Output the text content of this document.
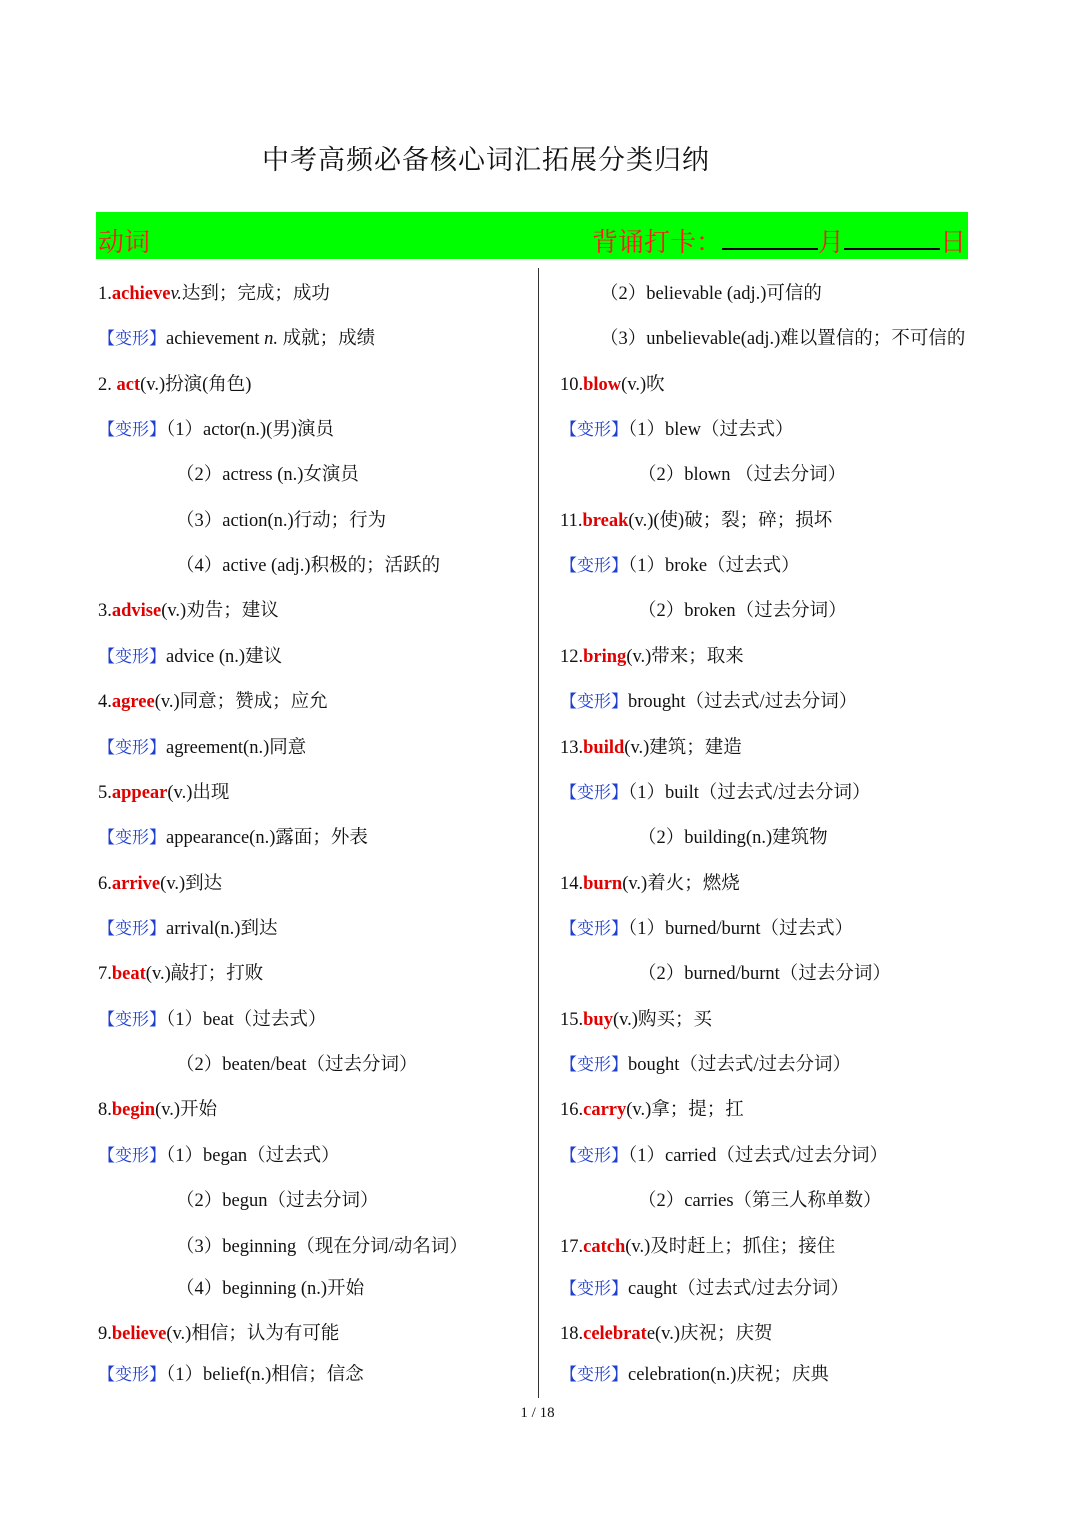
中考高频必备核心词汇拓展分类归纳
动词	背诵打卡：	月	日
1.achievev.达到；完成；成功
【变形】achievement n. 成就；成绩
2. act(v.)扮演(角色)
【变形】（1）actor(n.)(男)演员
（2）actress (n.)女演员
（3）action(n.)行动；行为
（4）active (adj.)积极的；活跃的
3.advise(v.)劝告；建议
【变形】advice (n.)建议
4.agree(v.)同意；赞成；应允
【变形】agreement(n.)同意
5.appear(v.)出现
【变形】appearance(n.)露面；外表
6.arrive(v.)到达
【变形】arrival(n.)到达
7.beat(v.)敲打；打败
【变形】（1）beat（过去式）
（2）beaten/beat（过去分词）
8.begin(v.)开始
【变形】（1）began（过去式）
（2）begun（过去分词）
（3）beginning（现在分词/动名词）
（4）beginning (n.)开始
9.believe(v.)相信；认为有可能
【变形】（1）belief(n.)相信；信念
（2）believable (adj.)可信的
（3）unbelievable(adj.)难以置信的；不可信的
10.blow(v.)吹
【变形】（1）blew（过去式）
（2）blown （过去分词）
11.break(v.)(使)破；裂；碎；损坏
【变形】（1）broke（过去式）
（2）broken（过去分词）
12.bring(v.)带来；取来
【变形】brought（过去式/过去分词）
13.build(v.)建筑；建造
【变形】（1）built（过去式/过去分词）
（2）building(n.)建筑物
14.burn(v.)着火；燃烧
【变形】（1）burned/burnt（过去式）
（2）burned/burnt（过去分词）
15.buy(v.)购买；买
【变形】bought（过去式/过去分词）
16.carry(v.)拿；提；扛
【变形】（1）carried（过去式/过去分词）
（2）carries（第三人称单数）
17.catch(v.)及时赶上；抓住；接住
【变形】caught（过去式/过去分词）
18.celebrate(v.)庆祝；庆贺
【变形】celebration(n.)庆祝；庆典
1 / 18
